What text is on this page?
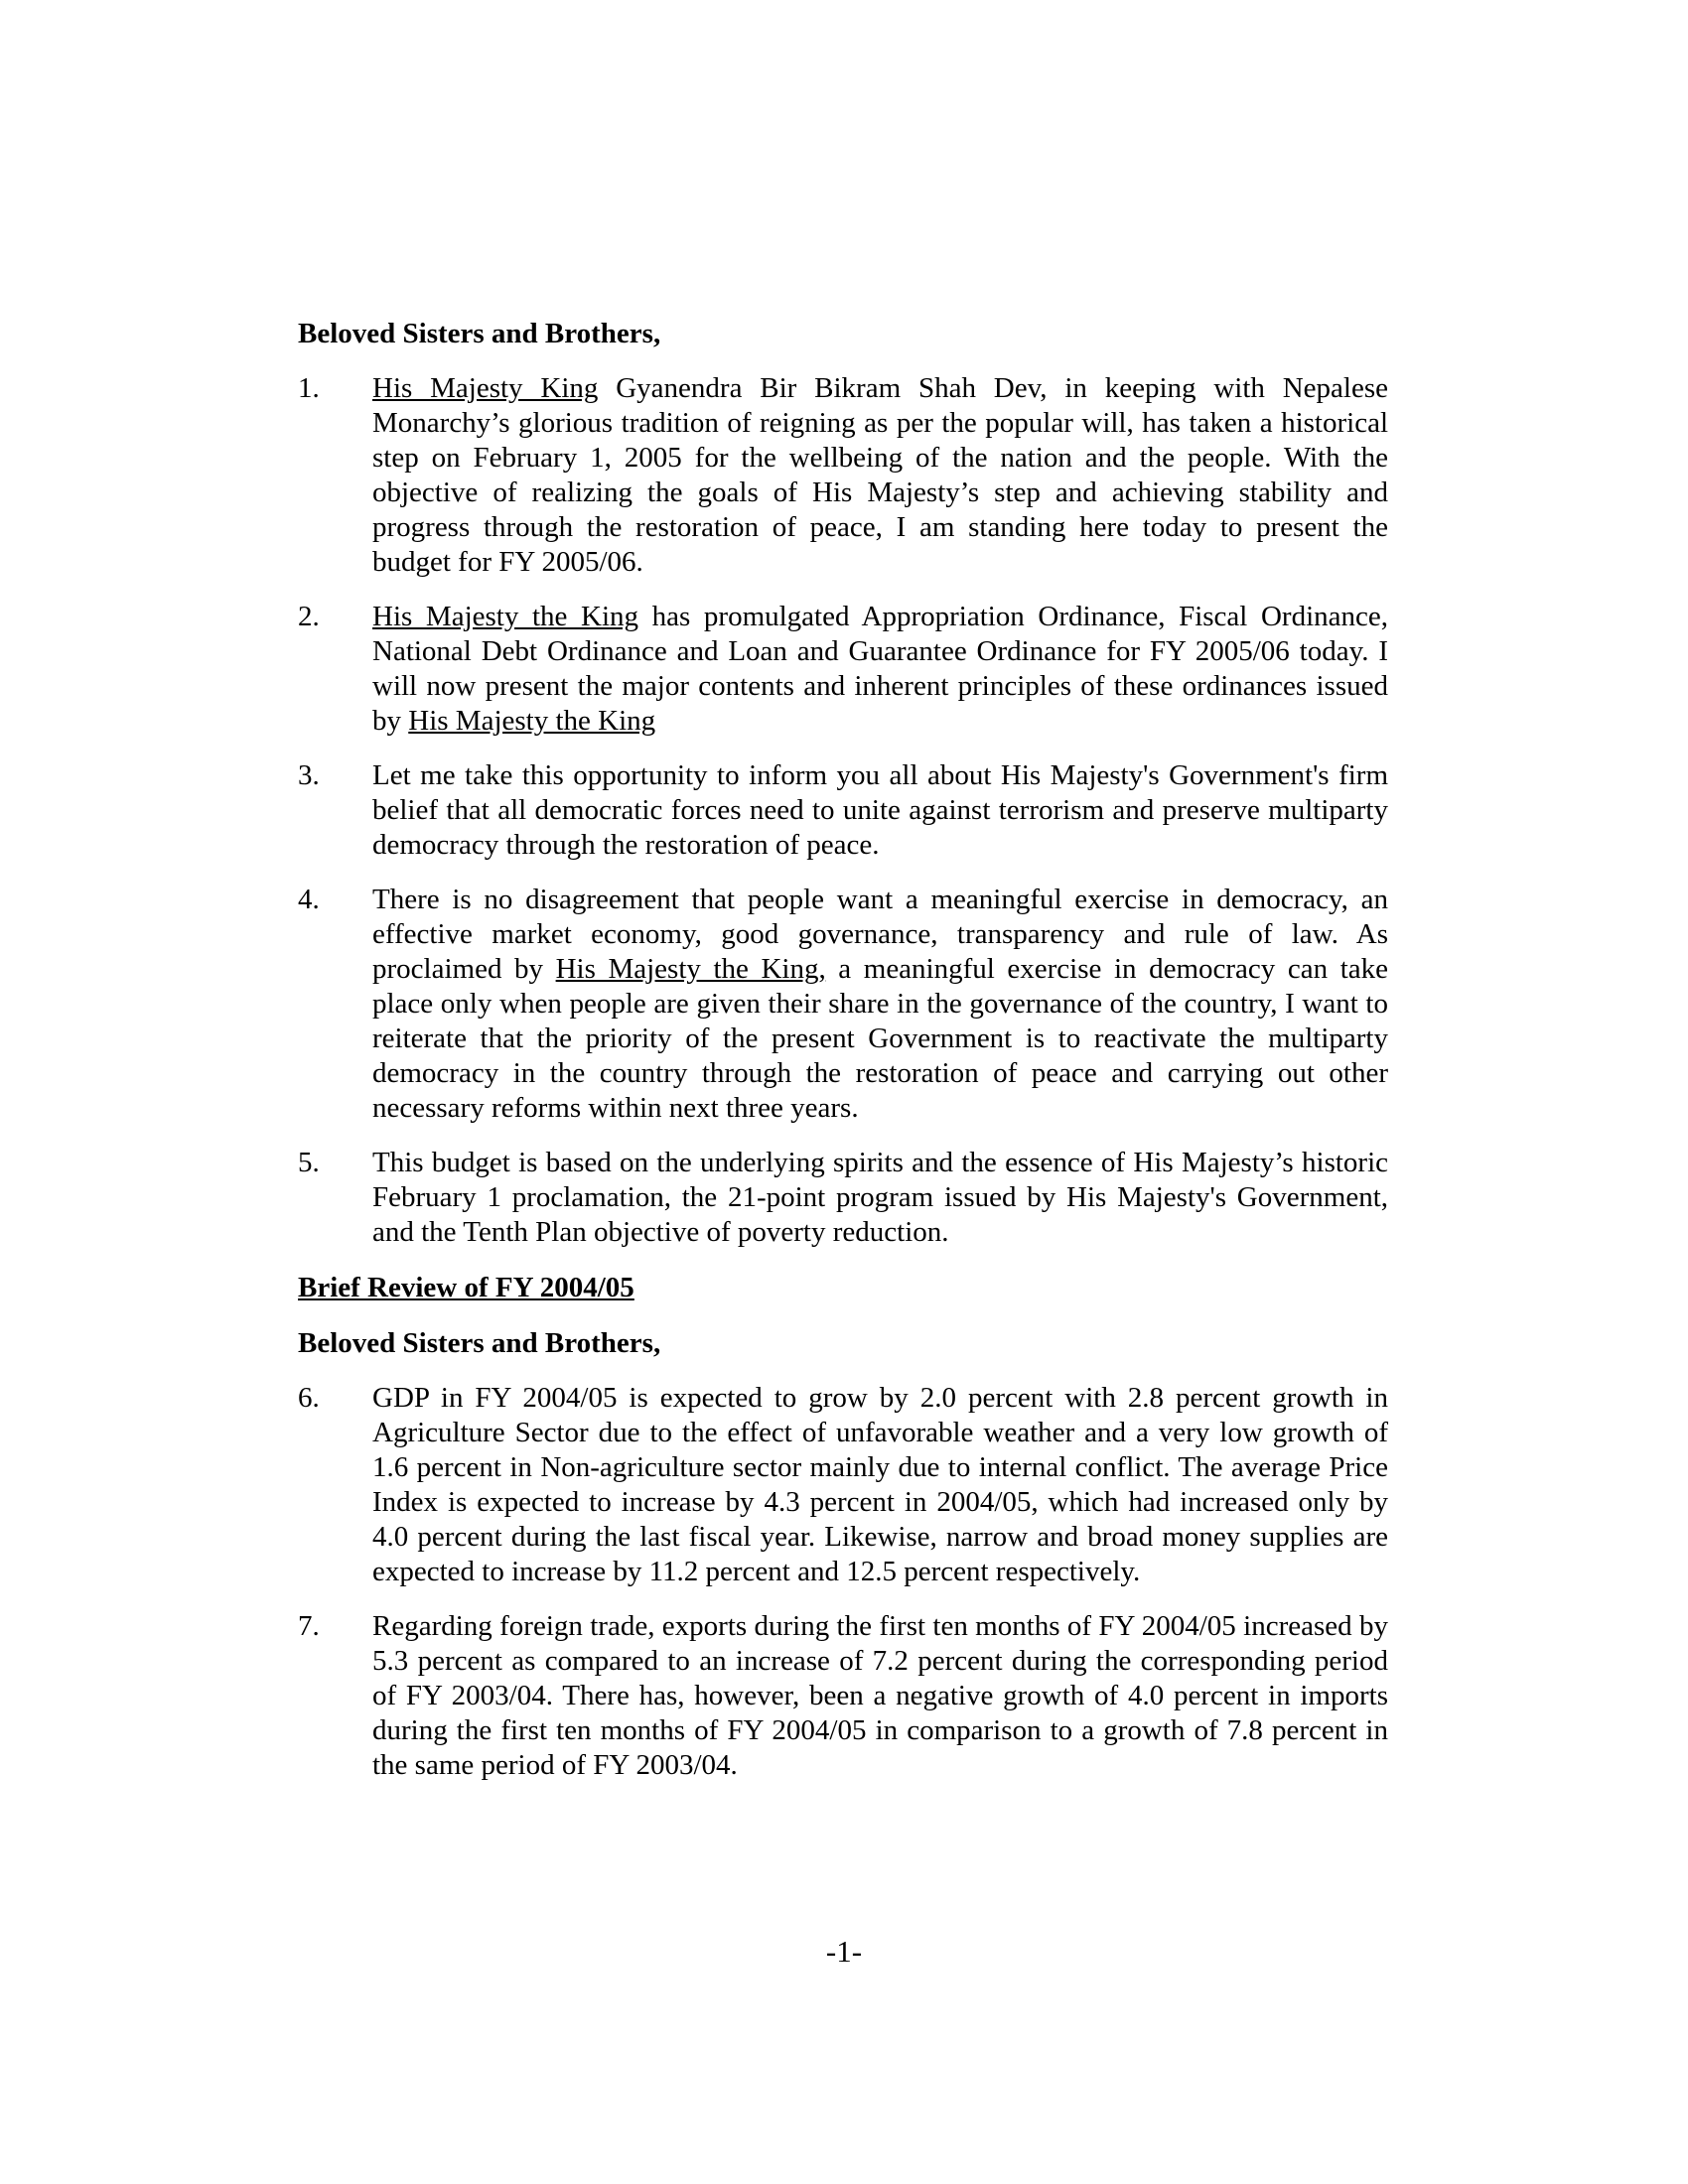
Beloved Sisters and Brothers,

1. His Majesty King Gyanendra Bir Bikram Shah Dev, in keeping with Nepalese Monarchy’s glorious tradition of reigning as per the popular will, has taken a historical step on February 1, 2005 for the wellbeing of the nation and the people. With the objective of realizing the goals of His Majesty’s step and achieving stability and progress through the restoration of peace, I am standing here today to present the budget for FY 2005/06.

2. His Majesty the King has promulgated Appropriation Ordinance, Fiscal Ordinance, National Debt Ordinance and Loan and Guarantee Ordinance for FY 2005/06 today. I will now present the major contents and inherent principles of these ordinances issued by His Majesty the King

3. Let me take this opportunity to inform you all about His Majesty's Government's firm belief that all democratic forces need to unite against terrorism and preserve multiparty democracy through the restoration of peace.

4. There is no disagreement that people want a meaningful exercise in democracy, an effective market economy, good governance, transparency and rule of law. As proclaimed by His Majesty the King, a meaningful exercise in democracy can take place only when people are given their share in the governance of the country, I want to reiterate that the priority of the present Government is to reactivate the multiparty democracy in the country through the restoration of peace and carrying out other necessary reforms within next three years.

5. This budget is based on the underlying spirits and the essence of His Majesty’s historic February 1 proclamation, the 21-point program issued by His Majesty's Government, and the Tenth Plan objective of poverty reduction.

Brief Review of FY 2004/05

Beloved Sisters and Brothers,

6. GDP in FY 2004/05 is expected to grow by 2.0 percent with 2.8 percent growth in Agriculture Sector due to the effect of unfavorable weather and a very low growth of 1.6 percent in Non-agriculture sector mainly due to internal conflict. The average Price Index is expected to increase by 4.3 percent in 2004/05, which had increased only by 4.0 percent during the last fiscal year. Likewise, narrow and broad money supplies are expected to increase by 11.2 percent and 12.5 percent respectively.

7. Regarding foreign trade, exports during the first ten months of FY 2004/05 increased by 5.3 percent as compared to an increase of 7.2 percent during the corresponding period of FY 2003/04. There has, however, been a negative growth of 4.0 percent in imports during the first ten months of FY 2004/05 in comparison to a growth of 7.8 percent in the same period of FY 2003/04.

-1-
